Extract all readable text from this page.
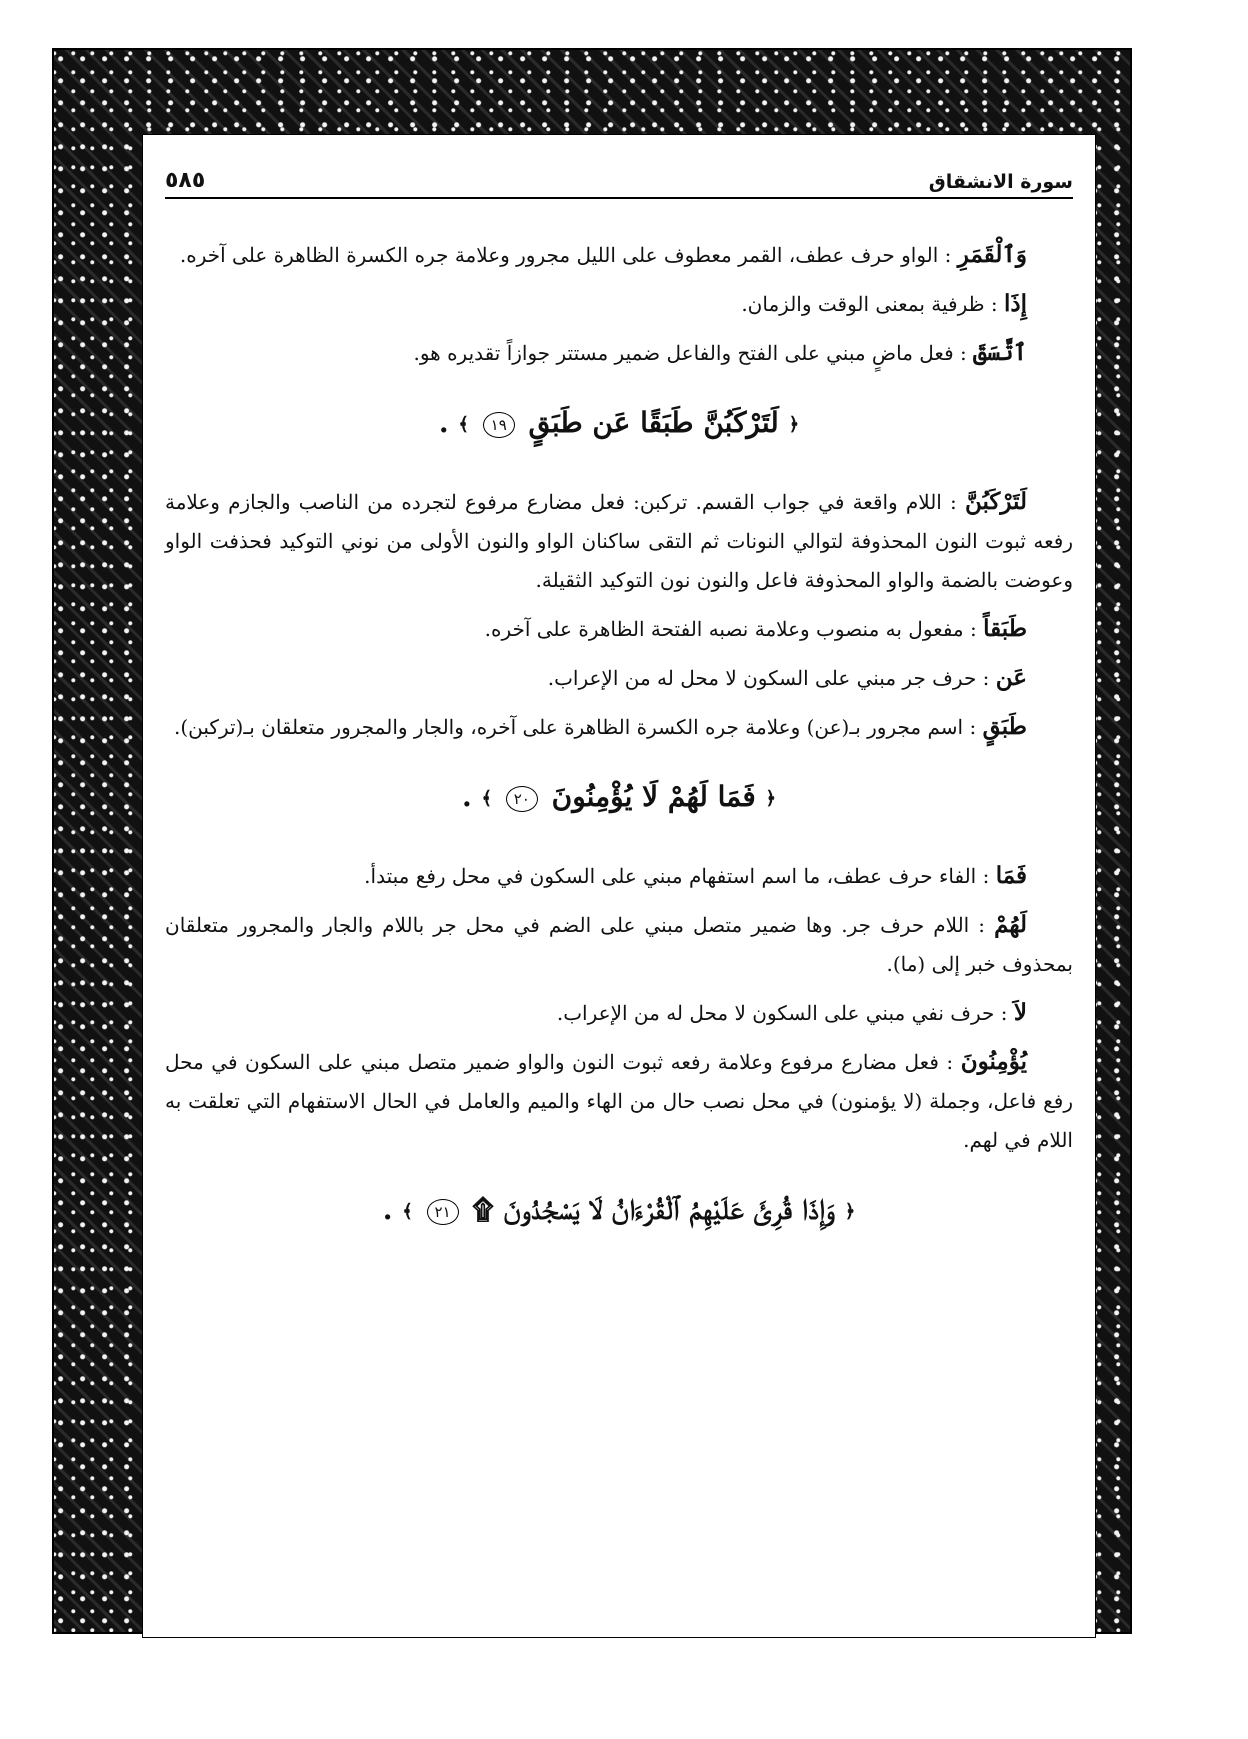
سورة الانشقاق
٥٨٥

وَٱلْقَمَرِ : الواو حرف عطف، القمر معطوف على الليل مجرور وعلامة جره الكسرة الظاهرة على آخره.

إِذَا : ظرفية بمعنى الوقت والزمان.

ٱتَّسَقَ : فعل ماضٍ مبني على الفتح والفاعل ضمير مستتر جوازاً تقديره هو.

﴿ لَتَرْكَبُنَّ طَبَقًا عَن طَبَقٍ ١٩ ﴾ .

لَتَرْكَبُنَّ : اللام واقعة في جواب القسم. تركبن: فعل مضارع مرفوع لتجرده من الناصب والجازم وعلامة رفعه ثبوت النون المحذوفة لتوالي النونات ثم التقى ساكنان الواو والنون الأولى من نوني التوكيد فحذفت الواو وعوضت بالضمة والواو المحذوفة فاعل والنون نون التوكيد الثقيلة.

طَبَقاً : مفعول به منصوب وعلامة نصبه الفتحة الظاهرة على آخره.

عَن : حرف جر مبني على السكون لا محل له من الإعراب.

طَبَقٍ : اسم مجرور بـ(عن) وعلامة جره الكسرة الظاهرة على آخره، والجار والمجرور متعلقان بـ(تركبن).

﴿ فَمَا لَهُمْ لَا يُؤْمِنُونَ ٢٠ ﴾ .

فَمَا : الفاء حرف عطف، ما اسم استفهام مبني على السكون في محل رفع مبتدأ.

لَهُمْ : اللام حرف جر. وها ضمير متصل مبني على الضم في محل جر باللام والجار والمجرور متعلقان بمحذوف خبر إلى (ما).

لاَ : حرف نفي مبني على السكون لا محل له من الإعراب.

يُؤْمِنُونَ : فعل مضارع مرفوع وعلامة رفعه ثبوت النون والواو ضمير متصل مبني على السكون في محل رفع فاعل، وجملة (لا يؤمنون) في محل نصب حال من الهاء والميم والعامل في الحال الاستفهام التي تعلقت به اللام في لهم.

﴿ وَإِذَا قُرِئَ عَلَيْهِمُ ٱلْقُرْءَانُ لَا يَسْجُدُونَ ۩ ٢١ ﴾ .
